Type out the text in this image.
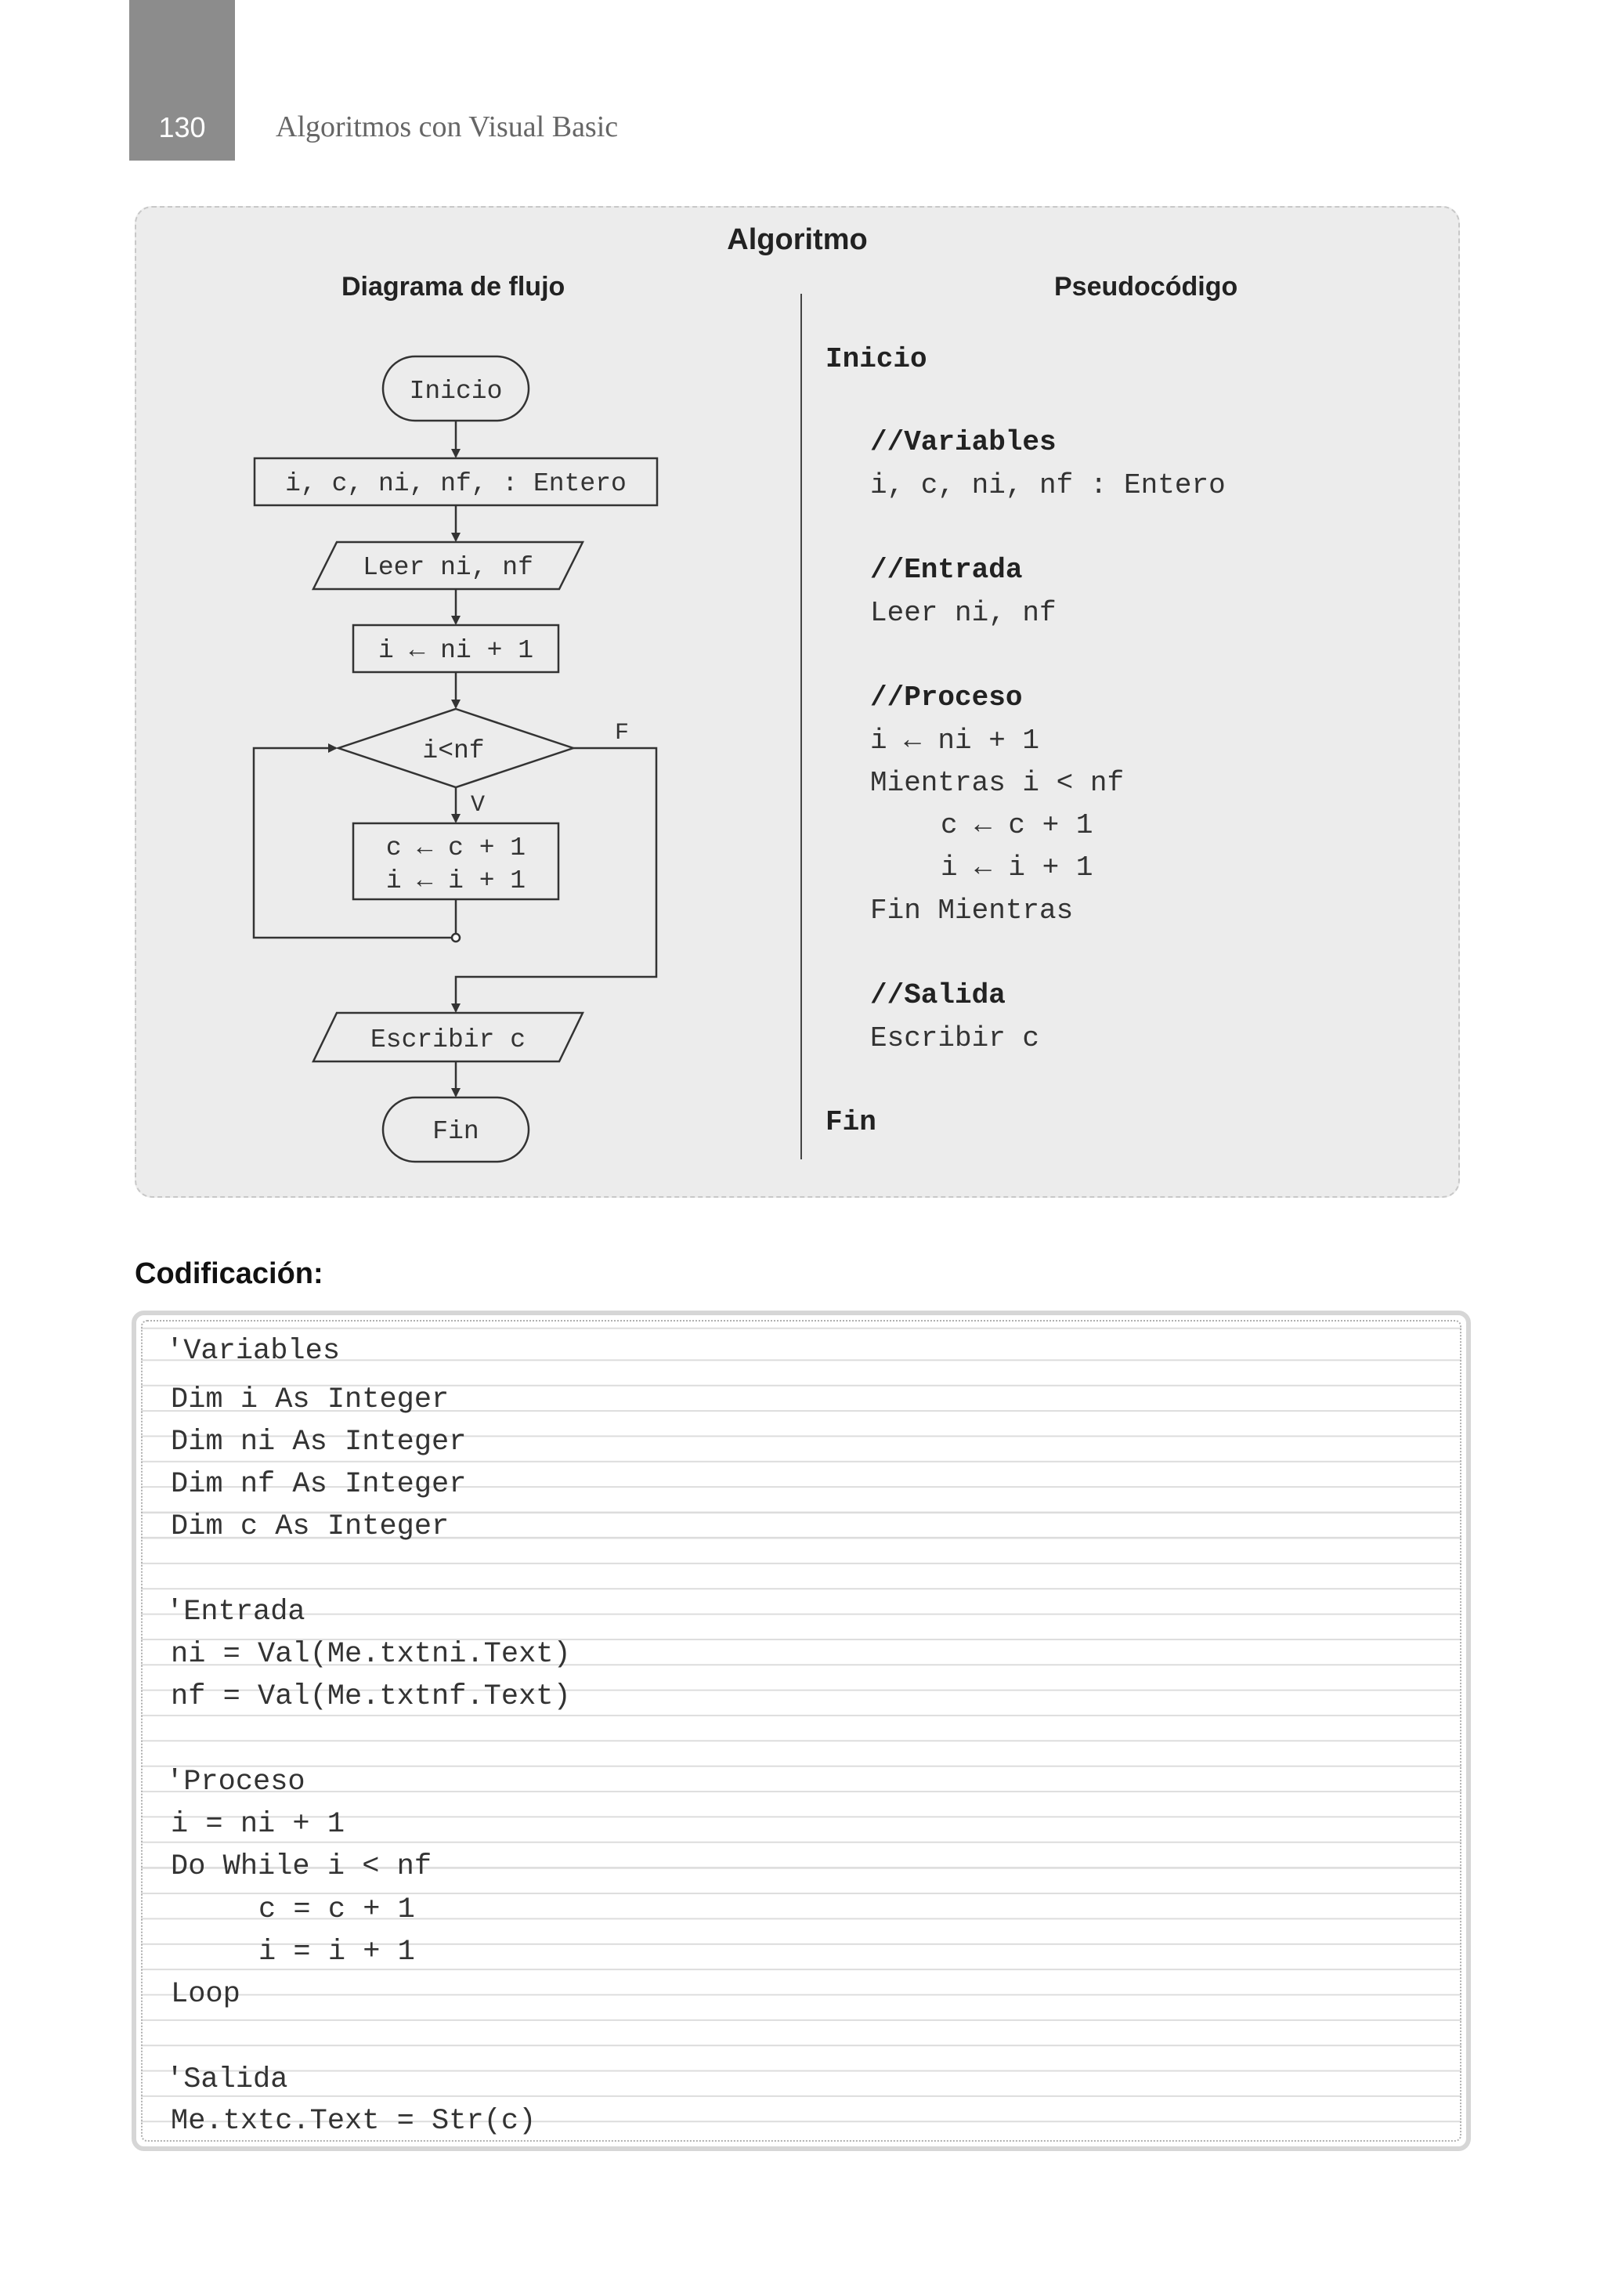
130	Algoritmos con Visual Basic
Algoritmo
Diagrama de flujo	Pseudocódigo
Inicio
i, c, ni, nf, : Entero
Leer ni, nf
i ← ni + 1
i<nf
F
V
c ← c + 1
i ← i + 1
Escribir c
Fin
Inicio
//Variables
i, c, ni, nf : Entero
//Entrada
Leer ni, nf
//Proceso
i ← ni + 1
Mientras i < nf
c ← c + 1
i ← i + 1
Fin Mientras
//Salida
Escribir c
Fin
Codificación:
'Variables
Dim i As Integer
Dim ni As Integer
Dim nf As Integer
Dim c As Integer
'Entrada
ni = Val(Me.txtni.Text)
nf = Val(Me.txtnf.Text)
'Proceso
i = ni + 1
Do While i < nf
c = c + 1
i = i + 1
Loop
'Salida
Me.txtc.Text = Str(c)
